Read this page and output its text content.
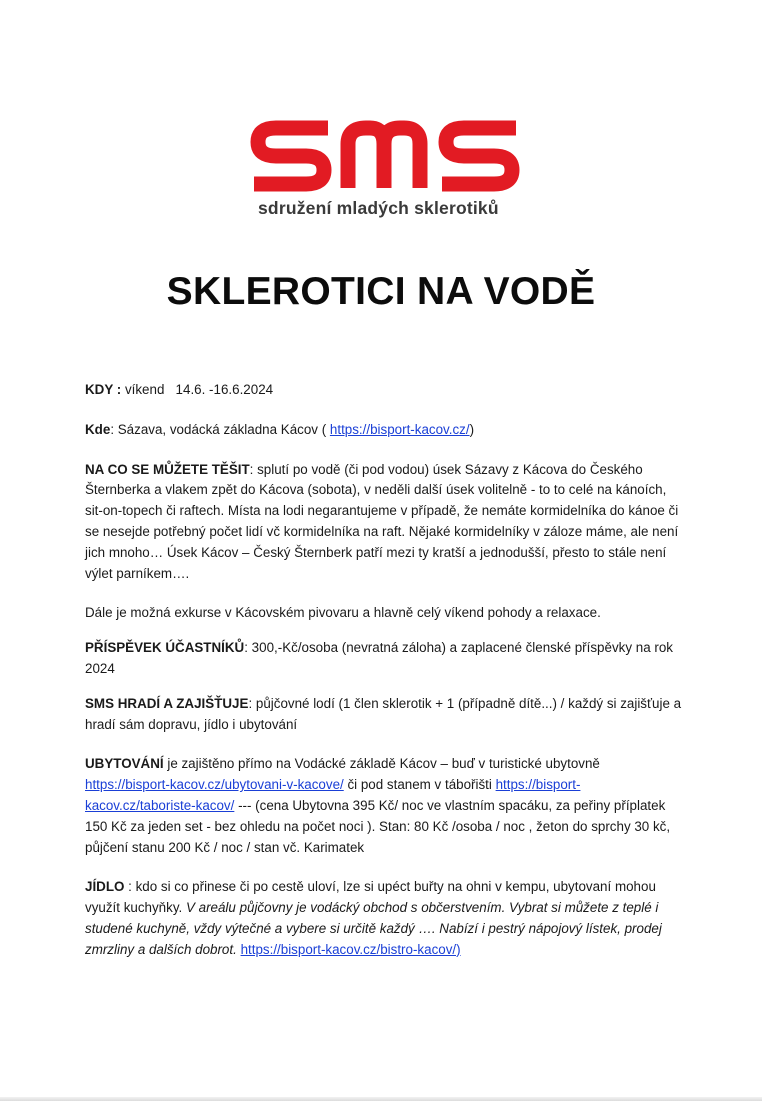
sdružení mladých sklerotiků
SKLEROTICI NA VODĚ

KDY : víkend   14.6. -16.6.2024

Kde: Sázava, vodácká základna Kácov ( https://bisport-kacov.cz/)

NA CO SE MŮŽETE TĚŠIT: splutí po vodě (či pod vodou) úsek Sázavy z Kácova do Českého Šternberka a vlakem zpět do Kácova (sobota), v neděli další úsek volitelně - to to celé na kánoích, sit-on-topech či raftech. Místa na lodi negarantujeme v případě, že nemáte kormidelníka do kánoe či se nesejde potřebný počet lidí vč kormidelníka na raft. Nějaké kormidelníky v záloze máme, ale není jich mnoho… Úsek Kácov – Český Šternberk patří mezi ty kratší a jednodušší, přesto to stále není výlet parníkem….

Dále je možná exkurse v Kácovském pivovaru a hlavně celý víkend pohody a relaxace.

PŘÍSPĚVEK ÚČASTNÍKŮ: 300,-Kč/osoba (nevratná záloha) a zaplacené členské příspěvky na rok 2024

SMS HRADÍ A ZAJIŠŤUJE: půjčovné lodí (1 člen sklerotik + 1 (případně dítě...) / každý si zajišťuje a hradí sám dopravu, jídlo i ubytování

UBYTOVÁNÍ je zajištěno přímo na Vodácké základě Kácov – buď v turistické ubytovně https://bisport-kacov.cz/ubytovani-v-kacove/ či pod stanem v tábořišti https://bisport-kacov.cz/taboriste-kacov/ --- (cena Ubytovna 395 Kč/ noc ve vlastním spacáku, za peřiny příplatek 150 Kč za jeden set - bez ohledu na počet noci ). Stan: 80 Kč /osoba / noc , žeton do sprchy 30 kč, půjčení stanu 200 Kč / noc / stan vč. Karimatek

JÍDLO : kdo si co přinese či po cestě uloví, lze si upéct buřty na ohni v kempu, ubytovaní mohou využít kuchyňky. V areálu půjčovny je vodácký obchod s občerstvením. Vybrat si můžete z teplé i studené kuchyně, vždy výtečné a vybere si určitě každý …. Nabízí i pestrý nápojový lístek, prodej zmrzliny a dalších dobrot. https://bisport-kacov.cz/bistro-kacov/)
